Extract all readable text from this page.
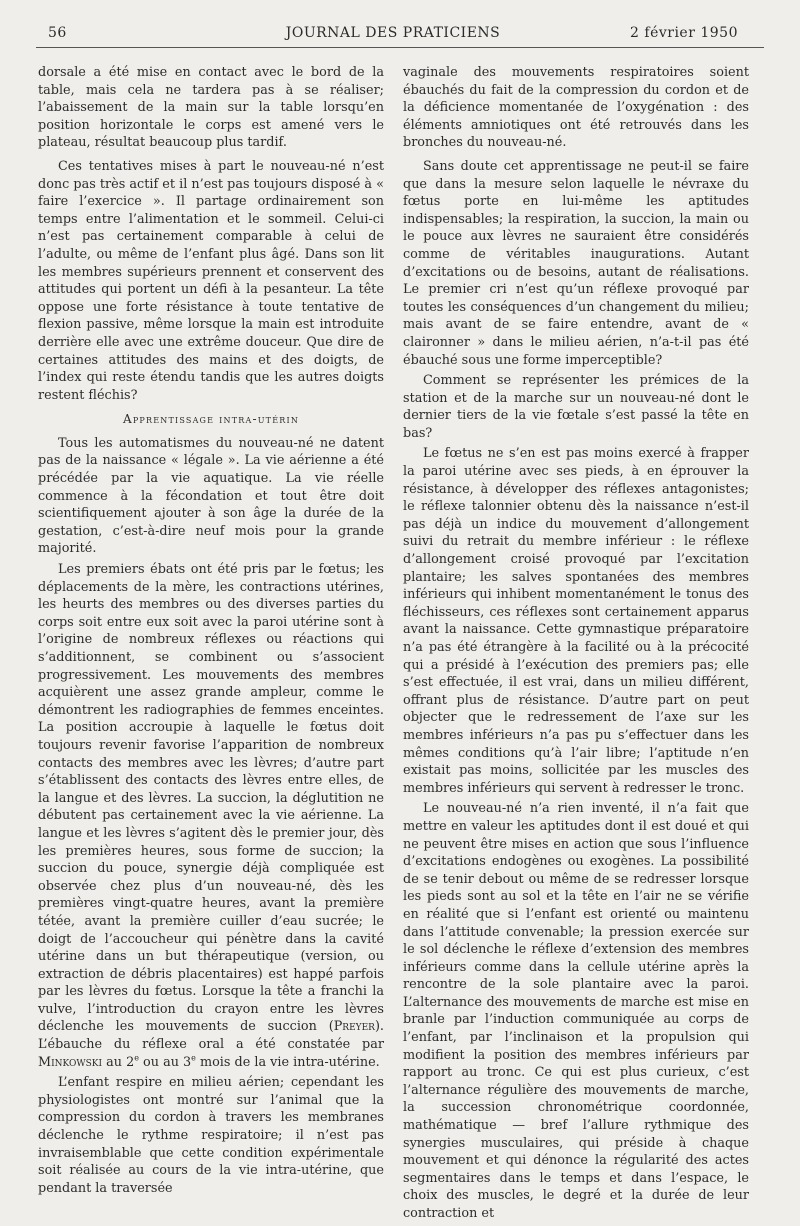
56	JOURNAL DES PRATICIENS	2 février 1950

dorsale a été mise en contact avec le bord de la table, mais cela ne tardera pas à se réaliser; l’abaissement de la main sur la table lorsqu’en position horizontale le corps est amené vers le plateau, résultat beaucoup plus tardif.

Ces tentatives mises à part le nouveau-né n’est donc pas très actif et il n’est pas toujours disposé à « faire l’exercice ». Il partage ordinairement son temps entre l’alimentation et le sommeil. Celui-ci n’est pas certainement comparable à celui de l’adulte, ou même de l’enfant plus âgé. Dans son lit les membres supérieurs prennent et conservent des attitudes qui portent un défi à la pesanteur. La tête oppose une forte résistance à toute tentative de flexion passive, même lorsque la main est introduite derrière elle avec une extrême douceur. Que dire de certaines attitudes des mains et des doigts, de l’index qui reste étendu tandis que les autres doigts restent fléchis?

Apprentissage intra-utérin

Tous les automatismes du nouveau-né ne datent pas de la naissance « légale ». La vie aérienne a été précédée par la vie aquatique. La vie réelle commence à la fécondation et tout être doit scientifiquement ajouter à son âge la durée de la gestation, c’est-à-dire neuf mois pour la grande majorité.

Les premiers ébats ont été pris par le fœtus; les déplacements de la mère, les contractions utérines, les heurts des membres ou des diverses parties du corps soit entre eux soit avec la paroi utérine sont à l’origine de nombreux réflexes ou réactions qui s’additionnent, se combinent ou s’associent progressivement. Les mouvements des membres acquièrent une assez grande ampleur, comme le démontrent les radiographies de femmes enceintes. La position accroupie à laquelle le fœtus doit toujours revenir favorise l’apparition de nombreux contacts des membres avec les lèvres; d’autre part s’établissent des contacts des lèvres entre elles, de la langue et des lèvres. La succion, la déglutition ne débutent pas certainement avec la vie aérienne. La langue et les lèvres s’agitent dès le premier jour, dès les premières heures, sous forme de succion; la succion du pouce, synergie déjà compliquée est observée chez plus d’un nouveau-né, dès les premières vingt-quatre heures, avant la première tétée, avant la première cuiller d’eau sucrée; le doigt de l’accoucheur qui pénètre dans la cavité utérine dans un but thérapeutique (version, ou extraction de débris placentaires) est happé parfois par les lèvres du fœtus. Lorsque la tête a franchi la vulve, l’introduction du crayon entre les lèvres déclenche les mouvements de succion (Preyer). L’ébauche du réflexe oral a été constatée par Minkowski au 2e ou au 3e mois de la vie intra-utérine.

L’enfant respire en milieu aérien; cependant les physiologistes ont montré sur l’animal que la compression du cordon à travers les membranes déclenche le rythme respiratoire; il n’est pas invraisemblable que cette condition expérimentale soit réalisée au cours de la vie intra-utérine, que pendant la traversée

vaginale des mouvements respiratoires soient ébauchés du fait de la compression du cordon et de la déficience momentanée de l’oxygénation : des éléments amniotiques ont été retrouvés dans les bronches du nouveau-né.

Sans doute cet apprentissage ne peut-il se faire que dans la mesure selon laquelle le névraxe du fœtus porte en lui-même les aptitudes indispensables; la respiration, la succion, la main ou le pouce aux lèvres ne sauraient être considérés comme de véritables inaugurations. Autant d’excitations ou de besoins, autant de réalisations. Le premier cri n’est qu’un réflexe provoqué par toutes les conséquences d’un changement du milieu; mais avant de se faire entendre, avant de « claironner » dans le milieu aérien, n’a-t-il pas été ébauché sous une forme imperceptible?

Comment se représenter les prémices de la station et de la marche sur un nouveau-né dont le dernier tiers de la vie fœtale s’est passé la tête en bas?

Le fœtus ne s’en est pas moins exercé à frapper la paroi utérine avec ses pieds, à en éprouver la résistance, à développer des réflexes antagonistes; le réflexe talonnier obtenu dès la naissance n’est-il pas déjà un indice du mouvement d’allongement suivi du retrait du membre inférieur : le réflexe d’allongement croisé provoqué par l’excitation plantaire; les salves spontanées des membres inférieurs qui inhibent momentanément le tonus des fléchisseurs, ces réflexes sont certainement apparus avant la naissance. Cette gymnastique préparatoire n’a pas été étrangère à la facilité ou à la précocité qui a présidé à l’exécution des premiers pas; elle s’est effectuée, il est vrai, dans un milieu différent, offrant plus de résistance. D’autre part on peut objecter que le redressement de l’axe sur les membres inférieurs n’a pas pu s’effectuer dans les mêmes conditions qu’à l’air libre; l’aptitude n’en existait pas moins, sollicitée par les muscles des membres inférieurs qui servent à redresser le tronc.

Le nouveau-né n’a rien inventé, il n’a fait que mettre en valeur les aptitudes dont il est doué et qui ne peuvent être mises en action que sous l’influence d’excitations endogènes ou exogènes. La possibilité de se tenir debout ou même de se redresser lorsque les pieds sont au sol et la tête en l’air ne se vérifie en réalité que si l’enfant est orienté ou maintenu dans l’attitude convenable; la pression exercée sur le sol déclenche le réflexe d’extension des membres inférieurs comme dans la cellule utérine après la rencontre de la sole plantaire avec la paroi. L’alternance des mouvements de marche est mise en branle par l’induction communiquée au corps de l’enfant, par l’inclinaison et la propulsion qui modifient la position des membres inférieurs par rapport au tronc. Ce qui est plus curieux, c’est l’alternance régulière des mouvements de marche, la succession chronométrique coordonnée, mathématique — bref l’allure rythmique des synergies musculaires, qui préside à chaque mouvement et qui dénonce la régularité des actes segmentaires dans le temps et dans l’espace, le choix des muscles, le degré et la durée de leur contraction et
